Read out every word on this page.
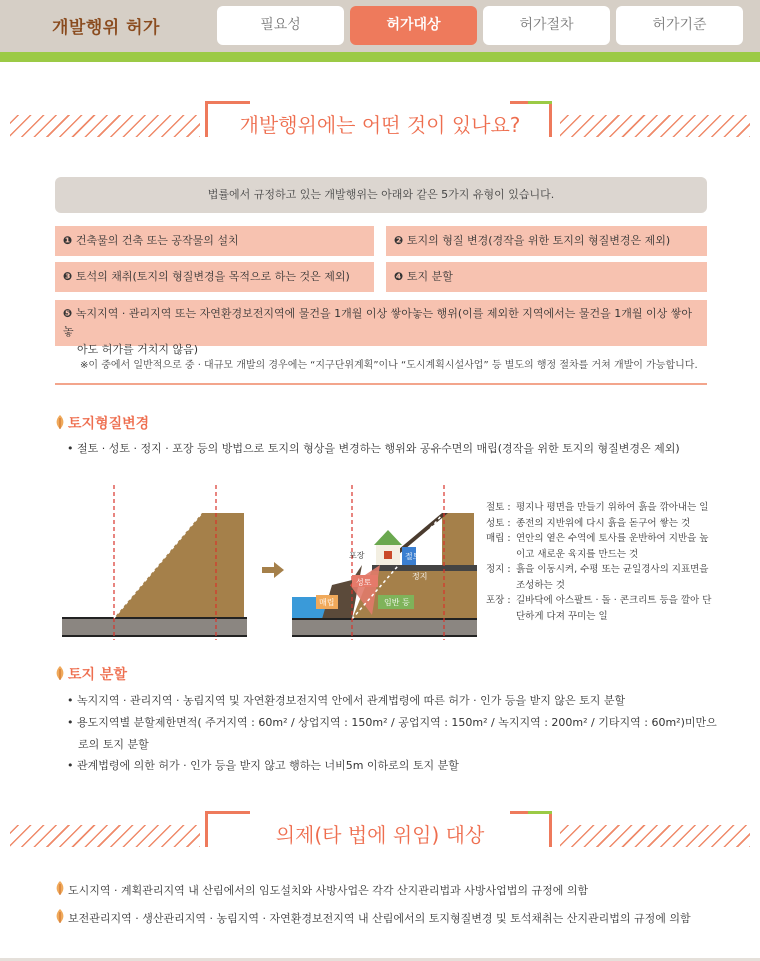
개발행위 허가	필요성	허가대상	허가절차	허가기준
개발행위에는 어떤 것이 있나요?
법률에서 규정하고 있는 개발행위는 아래와 같은 5가지 유형이 있습니다.
❶ 건축물의 건축 또는 공작물의 설치	❷ 토지의 형질 변경(경작을 위한 토지의 형질변경은 제외)
❸ 토석의 채취(토지의 형질변경을 목적으로 하는 것은 제외)	❹ 토지 분할
❺ 녹지지역 · 관리지역 또는 자연환경보전지역에 물건을 1개월 이상 쌓아놓는 행위(이를 제외한 지역에서는 물건을 1개월 이상 쌓아놓
아도 허가를 거치지 않음)
※이 중에서 일반적으로 중 · 대규모 개발의 경우에는 “지구단위계획”이나 “도시계획시설사업” 등 별도의 행정 절차를 거쳐 개발이 가능합니다.
토지형질변경
• 절토 · 성토 · 정지 · 포장 등의 방법으로 토지의 형상을 변경하는 행위와 공유수면의 매립(경작을 위한 토지의 형질변경은 제외)
포장	절토
성토
정지
매립	임반 등
절토 : 평지나 평면을 만들기 위하여 흙을 깎아내는 일
성토 : 종전의 지반위에 다시 흙을 돋구어 쌓는 것
매립 : 연안의 옅은 수역에 토사를 운반하여 지반을 높이고 새로운 육지를 만드는 것
정지 : 흙을 이동시켜, 수평 또는 균일경사의 지표면을 조성하는 것
포장 : 길바닥에 아스팔트 · 돌 · 콘크리트 등을 깔아 단단하게 다져 꾸미는 일
토지 분할
• 녹지지역 · 관리지역 · 농림지역 및 자연환경보전지역 안에서 관계법령에 따른 허가 · 인가 등을 받지 않은 토지 분할
• 용도지역별 분할제한면적( 주거지역 : 60m² / 상업지역 : 150m² / 공업지역 : 150m² / 녹지지역 : 200m² / 기타지역 : 60m²)미만으
로의 토지 분할
• 관계법령에 의한 허가 · 인가 등을 받지 않고 행하는 너비5m 이하로의 토지 분할
의제(타 법에 위임) 대상
도시지역 · 계획관리지역 내 산림에서의 임도설치와 사방사업은 각각 산지관리법과 사방사업법의 규정에 의함
보전관리지역 · 생산관리지역 · 농림지역 · 자연환경보전지역 내 산림에서의 토지형질변경 및 토석채취는 산지관리법의 규정에 의함
